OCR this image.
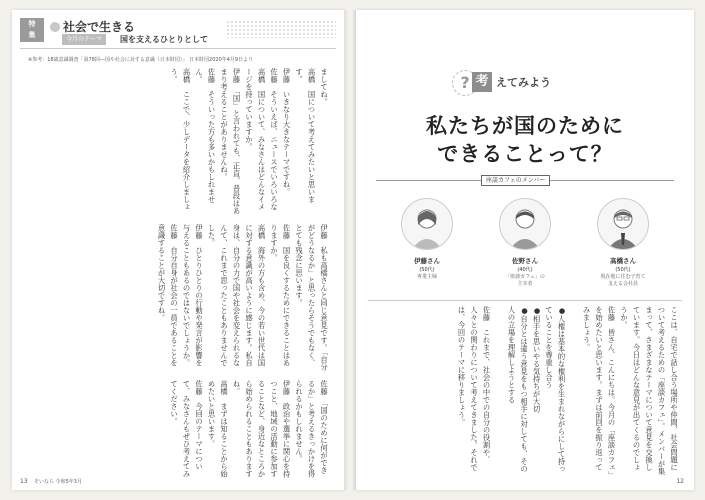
特
集
社会で生きる
今月のテーマ	国を支えるひとりとして
※参考：18歳意識調査「第78回―国や社会に対する意識（日本財団）」 日本財団2020年4月9日より
ましてね。
高橋　国について考えてみたいと思います。
伊藤　いきなり大きなテーマですね。
佐藤　そういえば、ニュースでいろいろな
高橋　国について、みなさんはどんなイメージを持っていますか。
伊藤　「国」と言われても、正直、普段はあまり考えることがありませんね。
佐藤　そういった方も多いかもしれません。
高橋　ここで、少しデータを紹介しましょう。
伊藤　私も高橋さんと同じ意見です。「自分がどうなるか」と思ったらそうでもなく、とても残念に思います。
佐藤　国を良くするためにできることはありますか。
高橋　海外の方も含め、今の若い世代は国に対する意識が高いように感じます。私自身は、自分の力で国や社会を変えられるなんて、これまで思ったこともありませんでした。
伊藤　ひとりひとりの行動や発言が影響を与えることもあるのではないでしょうか。
佐藤　自分自身が社会の一員であることを意識することが大切ですね。
佐藤　「国のために何ができるか」と考えるきっかけを得られるかもしれません。
伊藤　政治や選挙に関心を持つこと、地域の活動に参加することなど、身近なところから始められることもありますね。
高橋　まずは知ることから始めたいと思います。
佐藤　今回のテーマについて、みなさんもぜひ考えてみてください。
13 そいなら 令和5年3月
? 考 えてみよう
私たちが国のために
できることって？
座談カフェのメンバー
伊藤さん
(50代)
専業主婦
佐野さん
(40代)
「座談カフェ」の
主宰者
高橋さん
(50代)
現在地に住む子育て
支える会社員
ここは、自宅で話し合う場所や仲間、社会問題について考えるための「座談カフェ」。メンバーが集まって、さまざまなテーマについて意見を交換しています。今日はどんな意見が出てくるのでしょうか。
佐藤　皆さん、こんにちは。今月の「座談カフェ」を始めたいと思います。まずは前回を振り返ってみましょう。

●人権は基本的な権利を生まれながらにして持っていることを尊重し合う
●相手を思いやる気持ちが大切
●自分とは違う意見をもつ相手に対しても、その人の立場を理解しようとする

佐藤　これまで、社会の中での自分の役割や、人々との関わりについて考えてきました。それでは、今回のテーマに移りましょう。
12
